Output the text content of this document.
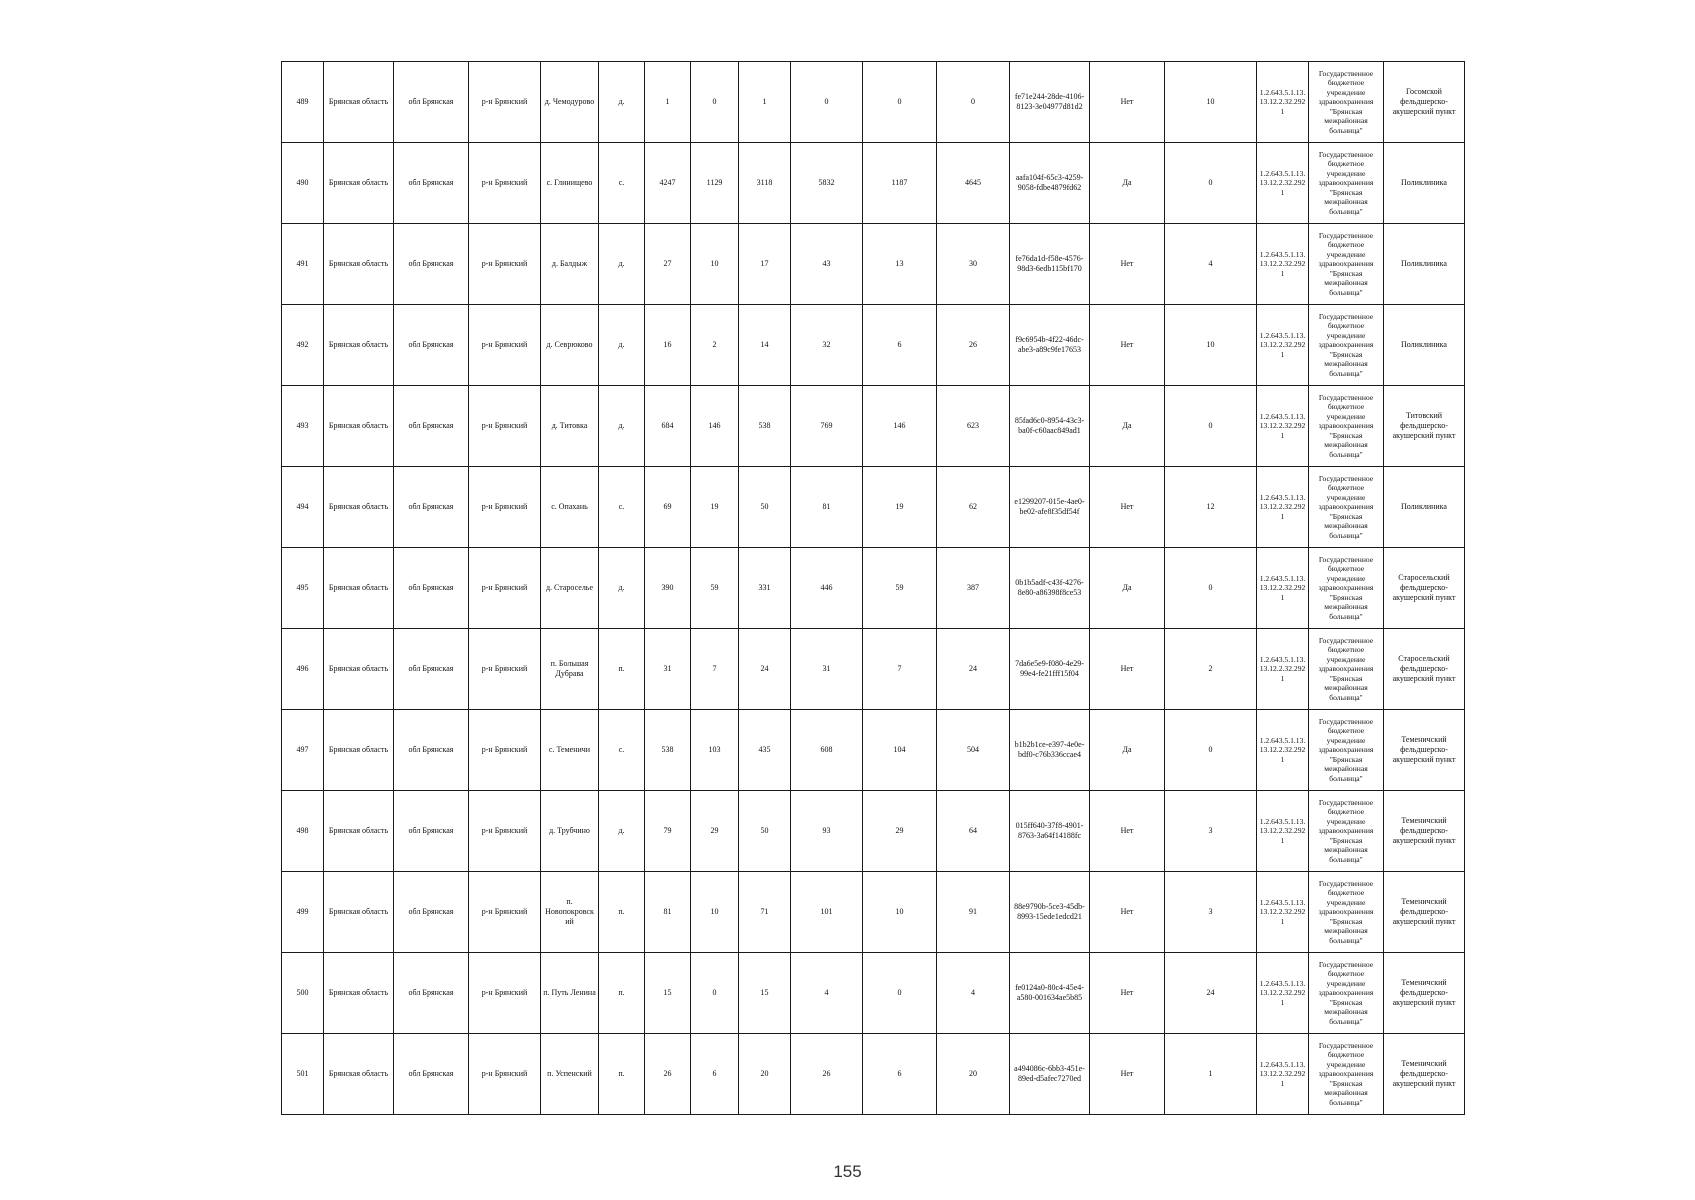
489	Брянская область	обл Брянская	р-н Брянский	д. Чемодурово	д.	1	0	1	0	0	0	fe71e244-28de-4106-8123-3e04977d81d2	Нет	10	1.2.643.5.1.13.13.12.2.32.2921	Государственное бюджетное учреждение здравоохранения "Брянская межрайонная больница"	Госомской фельдшерско-акушерский пункт
490	Брянская область	обл Брянская	р-н Брянский	с. Глинищево	с.	4247	1129	3118	5832	1187	4645	aafa104f-65c3-4259-9058-fdbe4879fd62	Да	0	1.2.643.5.1.13.13.12.2.32.2921	Государственное бюджетное учреждение здравоохранения "Брянская межрайонная больница"	Поликлиника
491	Брянская область	обл Брянская	р-н Брянский	д. Балдыж	д.	27	10	17	43	13	30	fe76da1d-f58e-4576-98d3-6edb115bf170	Нет	4	1.2.643.5.1.13.13.12.2.32.2921	Государственное бюджетное учреждение здравоохранения "Брянская межрайонная больница"	Поликлиника
492	Брянская область	обл Брянская	р-н Брянский	д. Севрюково	д.	16	2	14	32	6	26	f9c6954b-4f22-46dc-abe3-a89c9fe17653	Нет	10	1.2.643.5.1.13.13.12.2.32.2921	Государственное бюджетное учреждение здравоохранения "Брянская межрайонная больница"	Поликлиника
493	Брянская область	обл Брянская	р-н Брянский	д. Титовка	д.	684	146	538	769	146	623	85fad6c0-8954-43c3-ba0f-c60aac849ad1	Да	0	1.2.643.5.1.13.13.12.2.32.2921	Государственное бюджетное учреждение здравоохранения "Брянская межрайонная больница"	Титовский фельдшерско-акушерский пункт
494	Брянская область	обл Брянская	р-н Брянский	с. Опахань	с.	69	19	50	81	19	62	e1299207-015e-4ae0-be02-afe8f35df54f	Нет	12	1.2.643.5.1.13.13.12.2.32.2921	Государственное бюджетное учреждение здравоохранения "Брянская межрайонная больница"	Поликлиника
495	Брянская область	обл Брянская	р-н Брянский	д. Староселье	д.	390	59	331	446	59	387	0b1b5adf-c43f-4276-8e80-a86398f8ce53	Да	0	1.2.643.5.1.13.13.12.2.32.2921	Государственное бюджетное учреждение здравоохранения "Брянская межрайонная больница"	Старосельский фельдшерско-акушерский пункт
496	Брянская область	обл Брянская	р-н Брянский	п. Большая Дубрава	п.	31	7	24	31	7	24	7da6e5e9-f080-4e29-99e4-fe21fff15f04	Нет	2	1.2.643.5.1.13.13.12.2.32.2921	Государственное бюджетное учреждение здравоохранения "Брянская межрайонная больница"	Старосельский фельдшерско-акушерский пункт
497	Брянская область	обл Брянская	р-н Брянский	с. Теменичи	с.	538	103	435	608	104	504	b1b2b1ce-e397-4e0e-bdf0-c76b336ccae4	Да	0	1.2.643.5.1.13.13.12.2.32.2921	Государственное бюджетное учреждение здравоохранения "Брянская межрайонная больница"	Теменичский фельдшерско-акушерский пункт
498	Брянская область	обл Брянская	р-н Брянский	д. Трубчино	д.	79	29	50	93	29	64	015ff640-37f8-4901-8763-3a64f14188fc	Нет	3	1.2.643.5.1.13.13.12.2.32.2921	Государственное бюджетное учреждение здравоохранения "Брянская межрайонная больница"	Теменичский фельдшерско-акушерский пункт
499	Брянская область	обл Брянская	р-н Брянский	п. Новопокровский	п.	81	10	71	101	10	91	88e9790b-5ce3-45db-8993-15ede1edcd21	Нет	3	1.2.643.5.1.13.13.12.2.32.2921	Государственное бюджетное учреждение здравоохранения "Брянская межрайонная больница"	Теменичский фельдшерско-акушерский пункт
500	Брянская область	обл Брянская	р-н Брянский	п. Путь Ленина	п.	15	0	15	4	0	4	fe0124a0-80c4-45e4-a580-001634ae5b85	Нет	24	1.2.643.5.1.13.13.12.2.32.2921	Государственное бюджетное учреждение здравоохранения "Брянская межрайонная больница"	Теменичский фельдшерско-акушерский пункт
501	Брянская область	обл Брянская	р-н Брянский	п. Успенский	п.	26	6	20	26	6	20	a494086c-6bb3-451e-89ed-d5afec7270ed	Нет	1	1.2.643.5.1.13.13.12.2.32.2921	Государственное бюджетное учреждение здравоохранения "Брянская межрайонная больница"	Теменичский фельдшерско-акушерский пункт
155
